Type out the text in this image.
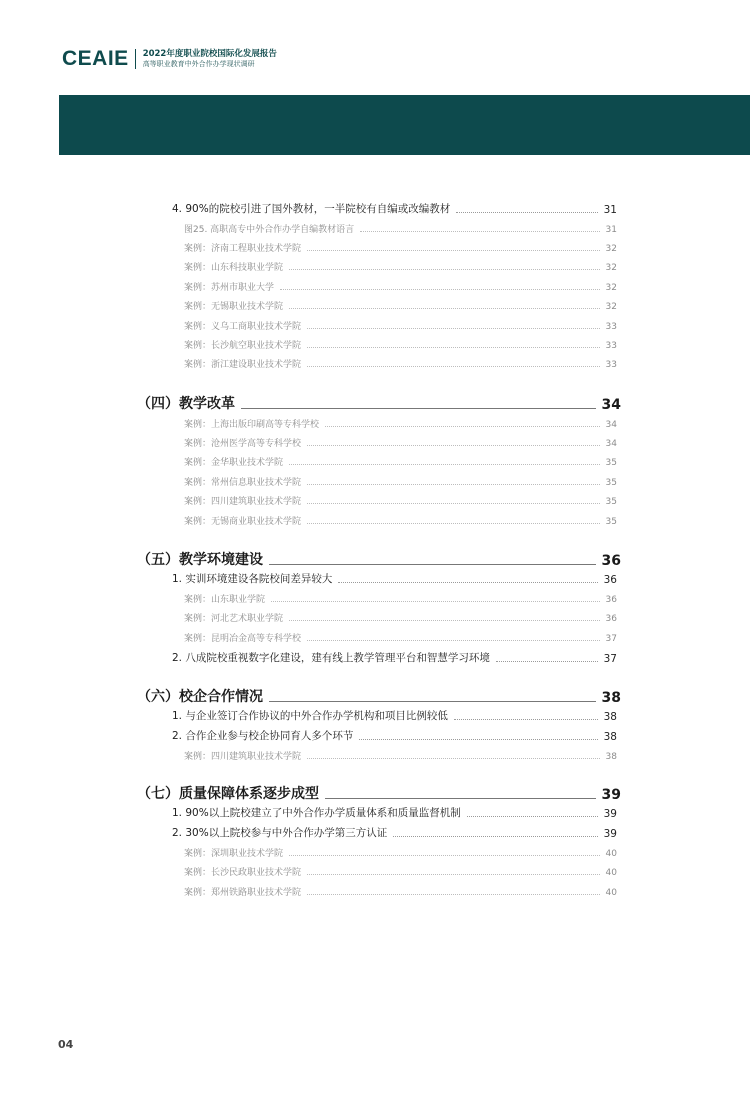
CEAIE 2022年度职业院校国际化发展报告
高等职业教育中外合作办学现状调研
4. 90%的院校引进了国外教材，一半院校有自编或改编教材	31
图25. 高职高专中外合作办学自编教材语言	31
案例：济南工程职业技术学院	32
案例：山东科技职业学院	32
案例：苏州市职业大学	32
案例：无锡职业技术学院	32
案例：义乌工商职业技术学院	33
案例：长沙航空职业技术学院	33
案例：浙江建设职业技术学院	33
（四）教学改革	34
案例：上海出版印刷高等专科学校	34
案例：沧州医学高等专科学校	34
案例：金华职业技术学院	35
案例：常州信息职业技术学院	35
案例：四川建筑职业技术学院	35
案例：无锡商业职业技术学院	35
（五）教学环境建设	36
1. 实训环境建设各院校间差异较大	36
案例：山东职业学院	36
案例：河北艺术职业学院	36
案例：昆明冶金高等专科学校	37
2. 八成院校重视数字化建设，建有线上教学管理平台和智慧学习环境	37
（六）校企合作情况	38
1. 与企业签订合作协议的中外合作办学机构和项目比例较低	38
2. 合作企业参与校企协同育人多个环节	38
案例：四川建筑职业技术学院	38
（七）质量保障体系逐步成型	39
1. 90%以上院校建立了中外合作办学质量体系和质量监督机制	39
2. 30%以上院校参与中外合作办学第三方认证	39
案例：深圳职业技术学院	40
案例：长沙民政职业技术学院	40
案例：郑州铁路职业技术学院	40
04
